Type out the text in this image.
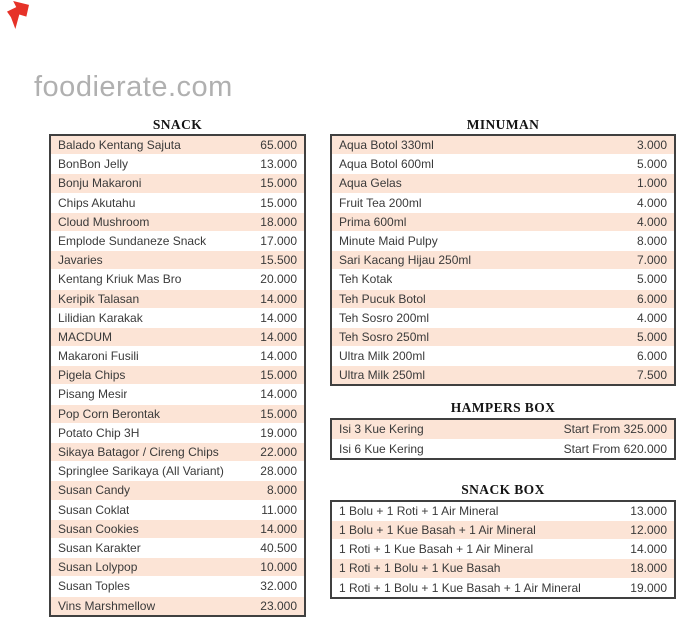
foodierate.com
SNACK
Balado Kentang Sajuta	65.000
BonBon Jelly	13.000
Bonju Makaroni	15.000
Chips Akutahu	15.000
Cloud Mushroom	18.000
Emplode Sundaneze Snack	17.000
Javaries	15.500
Kentang Kriuk Mas Bro	20.000
Keripik Talasan	14.000
Lilidian Karakak	14.000
MACDUM	14.000
Makaroni Fusili	14.000
Pigela Chips	15.000
Pisang Mesir	14.000
Pop Corn Berontak	15.000
Potato Chip 3H	19.000
Sikaya Batagor / Cireng Chips	22.000
Springlee Sarikaya (All Variant)	28.000
Susan Candy	8.000
Susan Coklat	11.000
Susan Cookies	14.000
Susan Karakter	40.500
Susan Lolypop	10.000
Susan Toples	32.000
Vins Marshmellow	23.000
MINUMAN
Aqua Botol 330ml	3.000
Aqua Botol 600ml	5.000
Aqua Gelas	1.000
Fruit Tea 200ml	4.000
Prima 600ml	4.000
Minute Maid Pulpy	8.000
Sari Kacang Hijau 250ml	7.000
Teh Kotak	5.000
Teh Pucuk Botol	6.000
Teh Sosro 200ml	4.000
Teh Sosro 250ml	5.000
Ultra Milk 200ml	6.000
Ultra Milk 250ml	7.500
HAMPERS BOX
Isi 3 Kue Kering	Start From 325.000
Isi 6 Kue Kering	Start From 620.000
SNACK BOX
1 Bolu + 1 Roti + 1 Air Mineral	13.000
1 Bolu + 1 Kue Basah + 1 Air Mineral	12.000
1 Roti + 1 Kue Basah + 1 Air Mineral	14.000
1 Roti + 1 Bolu + 1 Kue Basah	18.000
1 Roti + 1 Bolu + 1 Kue Basah + 1 Air Mineral	19.000
